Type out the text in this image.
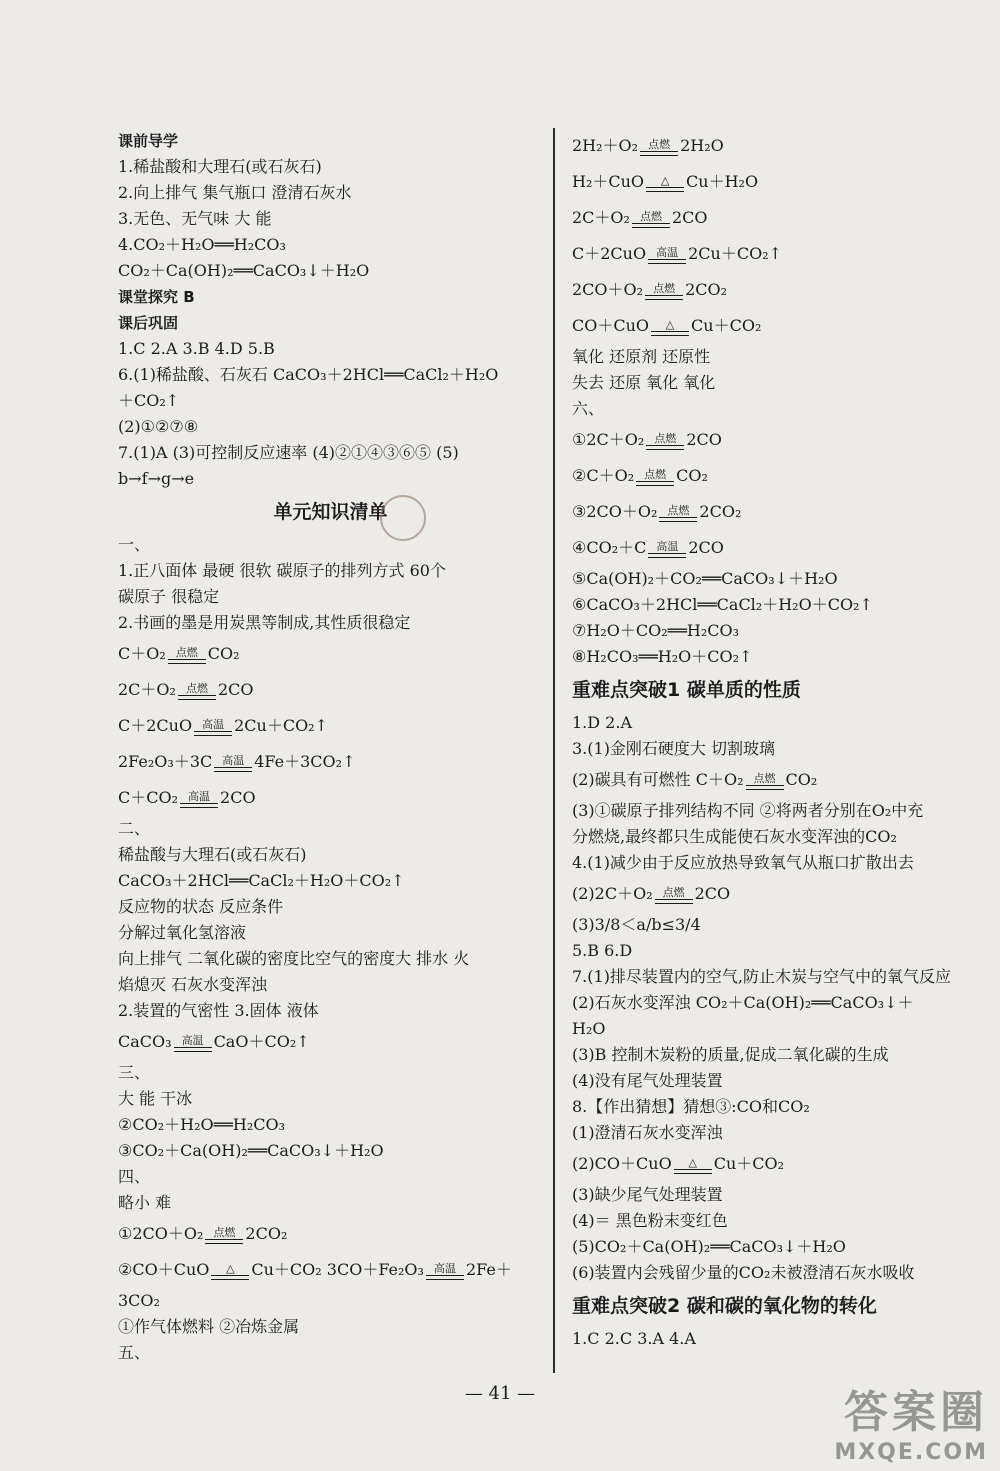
课前导学
1.稀盐酸和大理石(或石灰石)
2.向上排气 集气瓶口 澄清石灰水
3.无色、无气味 大 能
4.CO₂＋H₂O══H₂CO₃
CO₂＋Ca(OH)₂══CaCO₃↓＋H₂O
课堂探究 B
课后巩固
1.C 2.A 3.B 4.D 5.B
6.(1)稀盐酸、石灰石 CaCO₃＋2HCl══CaCl₂＋H₂O
＋CO₂↑
(2)①②⑦⑧
7.(1)A (3)可控制反应速率 (4)②①④③⑥⑤ (5)
b→f→g→e
单元知识清单
一、
1.正八面体 最硬 很软 碳原子的排列方式 60个
碳原子 很稳定
2.书画的墨是用炭黑等制成,其性质很稳定
C＋O₂ 点燃 CO₂
2C＋O₂ 点燃 2CO
C＋2CuO 高温 2Cu＋CO₂↑
2Fe₂O₃＋3C 高温 4Fe＋3CO₂↑
C＋CO₂ 高温 2CO
二、
稀盐酸与大理石(或石灰石)
CaCO₃＋2HCl══CaCl₂＋H₂O＋CO₂↑
反应物的状态 反应条件
分解过氧化氢溶液
向上排气 二氧化碳的密度比空气的密度大 排水 火
焰熄灭 石灰水变浑浊
2.装置的气密性 3.固体 液体
CaCO₃ 高温 CaO＋CO₂↑
三、
大 能 干冰
②CO₂＋H₂O══H₂CO₃
③CO₂＋Ca(OH)₂══CaCO₃↓＋H₂O
四、
略小 难
①2CO＋O₂ 点燃 2CO₂
②CO＋CuO	△	Cu＋CO₂ 3CO＋Fe₂O₃ 高温 2Fe＋
3CO₂
①作气体燃料 ②冶炼金属
五、
2H₂＋O₂ 点燃 2H₂O
H₂＋CuO	△	Cu＋H₂O
2C＋O₂ 点燃 2CO
C＋2CuO 高温 2Cu＋CO₂↑
2CO＋O₂ 点燃 2CO₂
CO＋CuO	△	Cu＋CO₂
氧化 还原剂 还原性
失去 还原 氧化 氧化
六、
①2C＋O₂ 点燃 2CO
②C＋O₂ 点燃 CO₂
③2CO＋O₂ 点燃 2CO₂
④CO₂＋C 高温 2CO
⑤Ca(OH)₂＋CO₂══CaCO₃↓＋H₂O
⑥CaCO₃＋2HCl══CaCl₂＋H₂O＋CO₂↑
⑦H₂O＋CO₂══H₂CO₃
⑧H₂CO₃══H₂O＋CO₂↑
重难点突破1 碳单质的性质
1.D 2.A
3.(1)金刚石硬度大 切割玻璃
(2)碳具有可燃性 C＋O₂ 点燃 CO₂
(3)①碳原子排列结构不同 ②将两者分别在O₂中充
分燃烧,最终都只生成能使石灰水变浑浊的CO₂
4.(1)减少由于反应放热导致氧气从瓶口扩散出去
(2)2C＋O₂ 点燃 2CO
(3)3/8＜a/b≤3/4
5.B 6.D
7.(1)排尽装置内的空气,防止木炭与空气中的氧气反应
(2)石灰水变浑浊 CO₂＋Ca(OH)₂══CaCO₃↓＋
H₂O
(3)B 控制木炭粉的质量,促成二氧化碳的生成
(4)没有尾气处理装置
8.【作出猜想】猜想③:CO和CO₂
(1)澄清石灰水变浑浊
(2)CO＋CuO	△	Cu＋CO₂
(3)缺少尾气处理装置
(4)＝ 黑色粉末变红色
(5)CO₂＋Ca(OH)₂══CaCO₃↓＋H₂O
(6)装置内会残留少量的CO₂未被澄清石灰水吸收
重难点突破2 碳和碳的氧化物的转化
1.C 2.C 3.A 4.A
— 41 —	答案圈
MXQE.COM
